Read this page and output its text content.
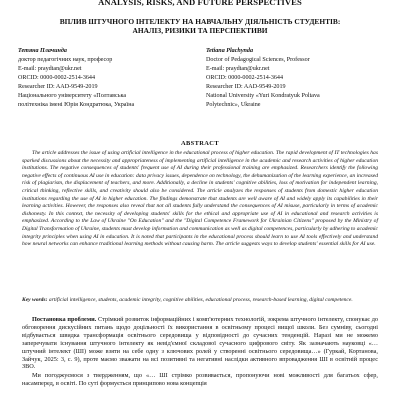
ANALYSIS, RISKS, AND FUTURE PERSPECTIVES
ВПЛИВ ШТУЧНОГО ІНТЕЛЕКТУ НА НАВЧАЛЬНУ ДІЯЛЬНІСТЬ СТУДЕНТІВ:
АНАЛІЗ, РИЗИКИ ТА ПЕРСПЕКТИВИ
Тетяна Плачинда
доктор педагогічних наук, професор
E-mail: praydtan@ukr.net
ORCID: 0000-0002-2514-3644
Researcher ID: AAD-9549-2019
Національного університету «Полтавська
політехніка імені Юрія Кондратюка, Україна
Tetiana Plachynda
Doctor of Pedagogical Sciences, Professor
E-mail: praydtan@ukr.net
ORCID: 0000-0002-2514-3644
Researcher ID: AAD-9549-2019
National University «Yuri Kondratyuk Poltava
Polytechnic», Ukraine
ABSTRACT
The article addresses the issue of using artificial intelligence in the educational process of higher education. The rapid development of IT technologies has sparked discussions about the necessity and appropriateness of implementing artificial intelligence in the academic and research activities of higher education institutions. The negative consequences of students' frequent use of AI during their professional training are emphasized. Researchers identify the following negative effects of continuous AI use in education: data privacy issues, dependence on technology, the dehumanization of the learning experience, an increased risk of plagiarism, the displacement of teachers, and more. Additionally, a decline in students' cognitive abilities, loss of motivation for independent learning, critical thinking, reflective skills, and creativity should also be considered. The article analyzes the responses of students from domestic higher education institutions regarding the use of AI in higher education. The findings demonstrate that students are well aware of AI and widely apply its capabilities in their learning activities. However, the responses also reveal that not all students fully understand the consequences of AI misuse, particularly in terms of academic dishonesty. In this context, the necessity of developing students' skills for the ethical and appropriate use of AI in educational and research activities is emphasized. According to the Law of Ukraine "On Education" and the "Digital Competence Framework for Ukrainian Citizens" proposed by the Ministry of Digital Transformation of Ukraine, students must develop information and communication as well as digital competences, particularly by adhering to academic integrity principles when using AI in education. It is noted that participants in the educational process should learn to use AI tools effectively and understand how neural networks can enhance traditional learning methods without causing harm. The article suggests ways to develop students' essential skills for AI use.
Key words: artificial intelligence, students, academic integrity, cognitive abilities, educational process, research-based learning, digital competence.

Постановка проблеми. Стрімкий розвиток інформаційних і комп'ютерних технологій, зокрема штучного інтелекту, спонукає до обговорення дискусійних питань щодо доцільності їх використання в освітньому процесі вищої школи. Без сумніву, сьогодні відбувається швидка трансформація освітнього середовища у відповідності до сучасних тенденцій. Наразі ми не можемо заперечувати існування штучного інтелекту як невід'ємної складової сучасного цифрового світу. Як зазначають науковці «… штучний інтелект (ШІ) може взяти на себе одну з ключових ролей у створенні освітнього середовища…» (Гуркай, Кортанова, Зайчук, 2025: 3, с. 9), проте маємо зважати на всі позитивні та негативні наслідки активного впровадження ШІ в освітній процес ЗВО.

Ми погоджуємося з твердженням, що «… ШІ стрімко розвивається, пропонуючи нові можливості для багатьох сфер, насамперед, в освіті. По суті формується принципово нова концепція
